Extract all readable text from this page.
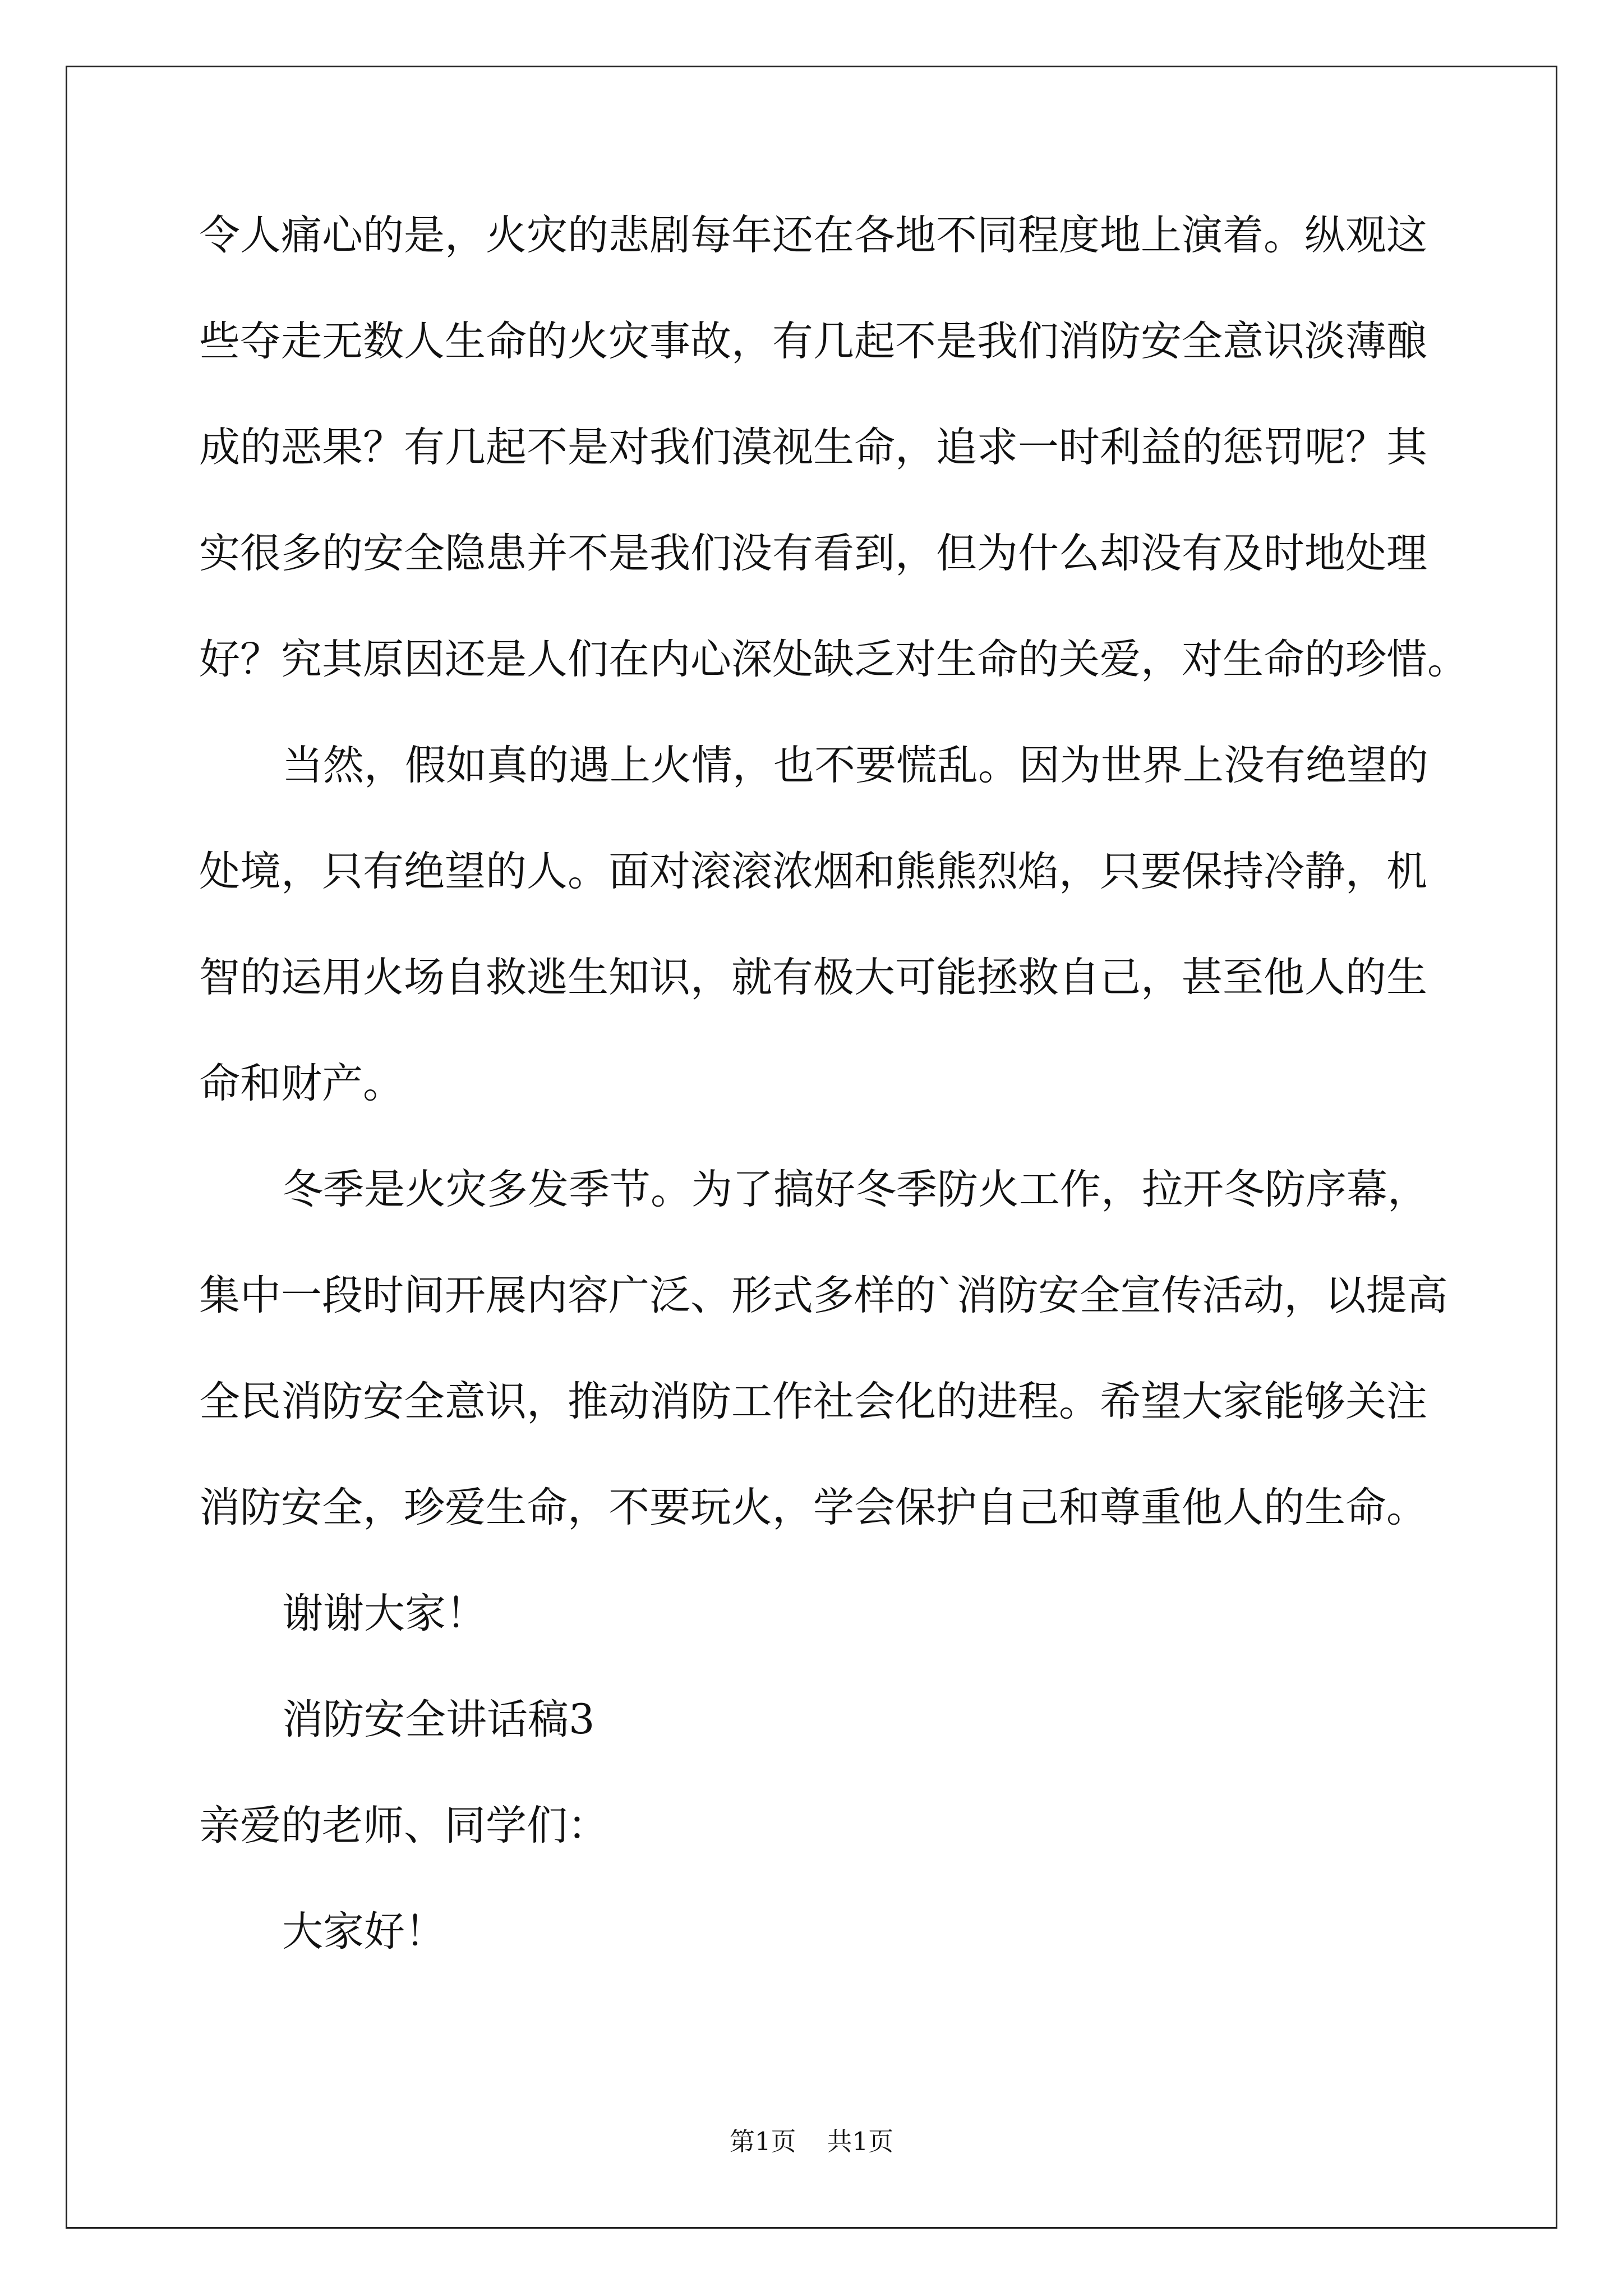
令人痛心的是，火灾的悲剧每年还在各地不同程度地上演着。纵观这
些夺走无数人生命的火灾事故，有几起不是我们消防安全意识淡薄酿
成的恶果？有几起不是对我们漠视生命，追求一时利益的惩罚呢？其
实很多的安全隐患并不是我们没有看到，但为什么却没有及时地处理
好？究其原因还是人们在内心深处缺乏对生命的关爱，对生命的珍惜。
当然，假如真的遇上火情，也不要慌乱。因为世界上没有绝望的
处境，只有绝望的人。面对滚滚浓烟和熊熊烈焰，只要保持冷静，机
智的运用火场自救逃生知识，就有极大可能拯救自己，甚至他人的生
命和财产。
冬季是火灾多发季节。为了搞好冬季防火工作，拉开冬防序幕，
集中一段时间开展内容广泛、形式多样的`消防安全宣传活动，以提高
全民消防安全意识，推动消防工作社会化的进程。希望大家能够关注
消防安全，珍爱生命，不要玩火，学会保护自己和尊重他人的生命。
谢谢大家！
消防安全讲话稿3
亲爱的老师、同学们：
大家好！
第1页 共1页
